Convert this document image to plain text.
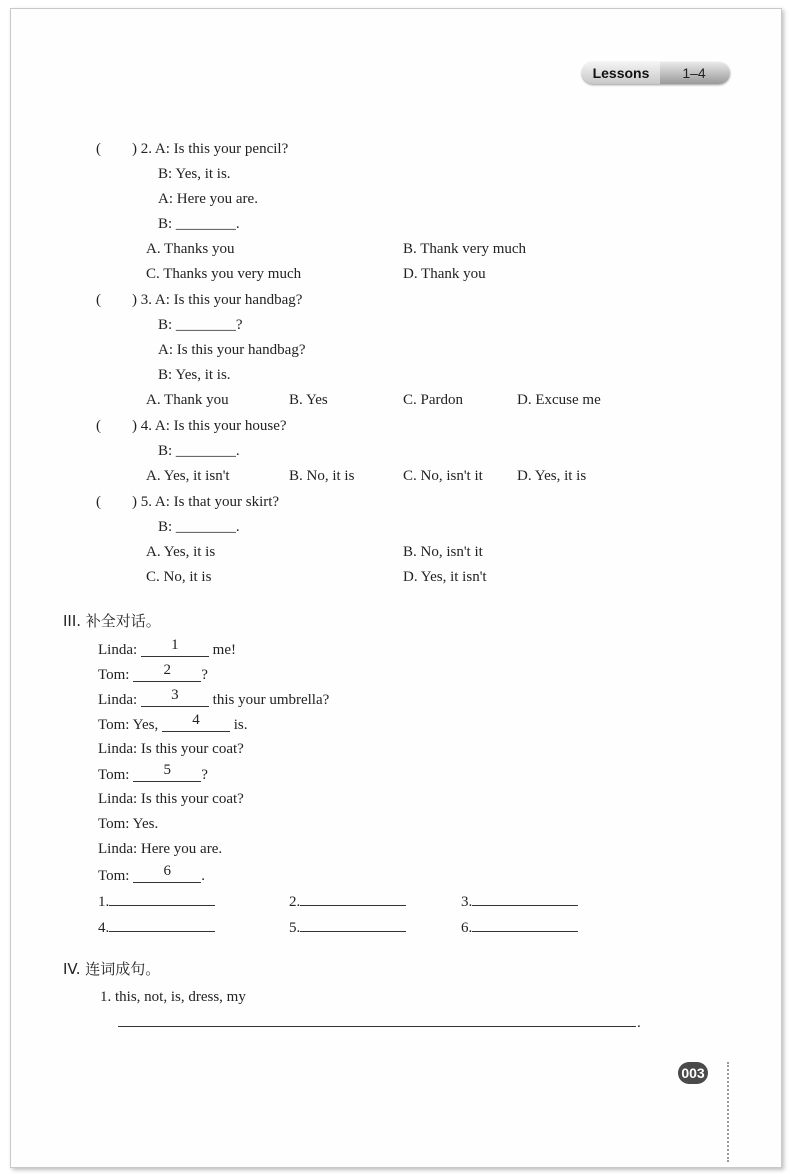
Lessons	1–4
( ) 2. A: Is this your pencil?
B: Yes, it is.
A: Here you are.
B: ________.
A. Thanks you	B. Thank very much
C. Thanks you very much	D. Thank you
( ) 3. A: Is this your handbag?
B: ________?
A: Is this your handbag?
B: Yes, it is.
A. Thank you	B. Yes	C. Pardon	D. Excuse me
( ) 4. A: Is this your house?
B: ________.
A. Yes, it isn't	B. No, it is	C. No, isn't it D. Yes, it is
( ) 5. A: Is that your skirt?
B: ________.
A. Yes, it is	B. No, isn't it
C. No, it is	D. Yes, it isn't
III. 补全对话。
Linda: 1 me!
Tom: 2 ?
Linda: 3 this your umbrella?
Tom: Yes, 4 is.
Linda: Is this your coat?
Tom: 5 ?
Linda: Is this your coat?
Tom: Yes.
Linda: Here you are.
Tom: 6 .
1.	2.	3.
4.	5.	6.
IV. 连词成句。
1. this, not, is, dress, my
.
003
